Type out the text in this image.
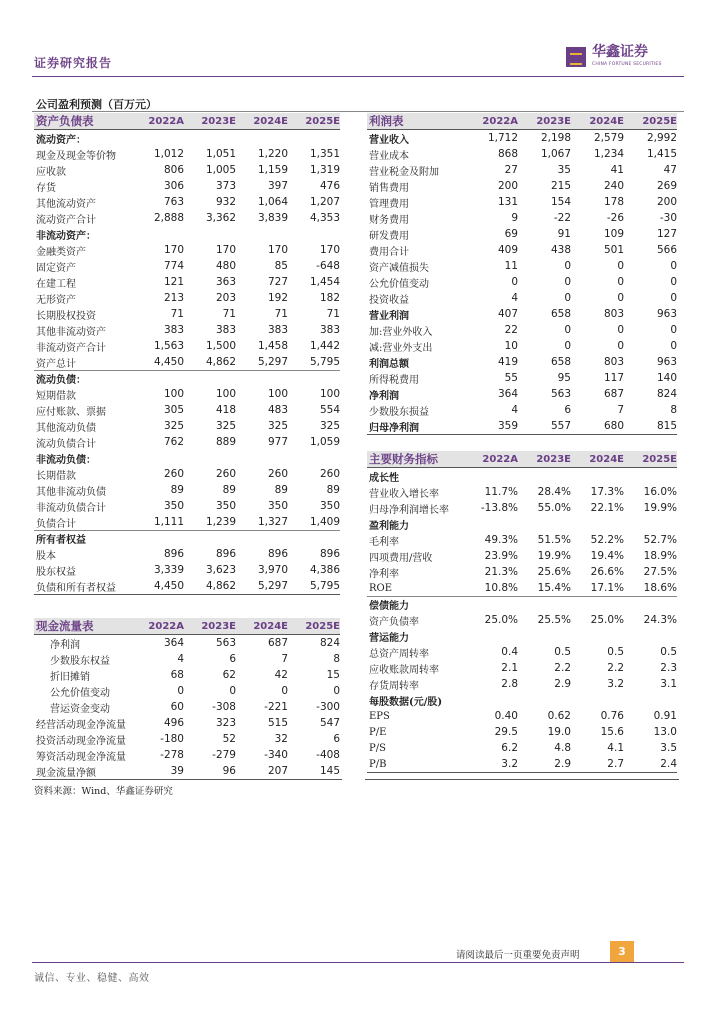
证券研究报告
华鑫证券
CHINA FORTUNE SECURITIES
公司盈利预测（百万元）
资产负债表	2022A	2023E	2024E	2025E
流动资产：
现金及现金等价物	1,012	1,051	1,220	1,351
应收款	806	1,005	1,159	1,319
存货	306	373	397	476
其他流动资产	763	932	1,064	1,207
流动资产合计	2,888	3,362	3,839	4,353
非流动资产：
金融类资产	170	170	170	170
固定资产	774	480	85	-648
在建工程	121	363	727	1,454
无形资产	213	203	192	182
长期股权投资	71	71	71	71
其他非流动资产	383	383	383	383
非流动资产合计	1,563	1,500	1,458	1,442
资产总计	4,450	4,862	5,297	5,795
流动负债：
短期借款	100	100	100	100
应付账款、票据	305	418	483	554
其他流动负债	325	325	325	325
流动负债合计	762	889	977	1,059
非流动负债：
长期借款	260	260	260	260
其他非流动负债	89	89	89	89
非流动负债合计	350	350	350	350
负债合计	1,111	1,239	1,327	1,409
所有者权益
股本	896	896	896	896
股东权益	3,339	3,623	3,970	4,386
负债和所有者权益	4,450	4,862	5,297	5,795
利润表	2022A	2023E	2024E	2025E
营业收入	1,712	2,198	2,579	2,992
营业成本	868	1,067	1,234	1,415
营业税金及附加	27	35	41	47
销售费用	200	215	240	269
管理费用	131	154	178	200
财务费用	9	-22	-26	-30
研发费用	69	91	109	127
费用合计	409	438	501	566
资产减值损失	11	0	0	0
公允价值变动	0	0	0	0
投资收益	4	0	0	0
营业利润	407	658	803	963
加:营业外收入	22	0	0	0
减:营业外支出	10	0	0	0
利润总额	419	658	803	963
所得税费用	55	95	117	140
净利润	364	563	687	824
少数股东损益	4	6	7	8
归母净利润	359	557	680	815
主要财务指标	2022A	2023E	2024E	2025E
成长性
营业收入增长率	11.7%	28.4%	17.3%	16.0%
归母净利润增长率	-13.8%	55.0%	22.1%	19.9%
盈利能力
毛利率	49.3%	51.5%	52.2%	52.7%
四项费用/营收	23.9%	19.9%	19.4%	18.9%
净利率	21.3%	25.6%	26.6%	27.5%
ROE	10.8%	15.4%	17.1%	18.6%
偿债能力
资产负债率	25.0%	25.5%	25.0%	24.3%
营运能力
总资产周转率	0.4	0.5	0.5	0.5
应收账款周转率	2.1	2.2	2.2	2.3
存货周转率	2.8	2.9	3.2	3.1
每股数据(元/股)
EPS	0.40	0.62	0.76	0.91
P/E	29.5	19.0	15.6	13.0
P/S	6.2	4.8	4.1	3.5
P/B	3.2	2.9	2.7	2.4
现金流量表	2022A	2023E	2024E	2025E
净利润	364	563	687	824
少数股东权益	4	6	7	8
折旧摊销	68	62	42	15
公允价值变动	0	0	0	0
营运资金变动	60	-308	-221	-300
经营活动现金净流量	496	323	515	547
投资活动现金净流量	-180	52	32	6
筹资活动现金净流量	-278	-279	-340	-408
现金流量净额	39	96	207	145
资料来源：Wind、华鑫证券研究
请阅读最后一页重要免责声明	3
诚信、专业、稳健、高效
